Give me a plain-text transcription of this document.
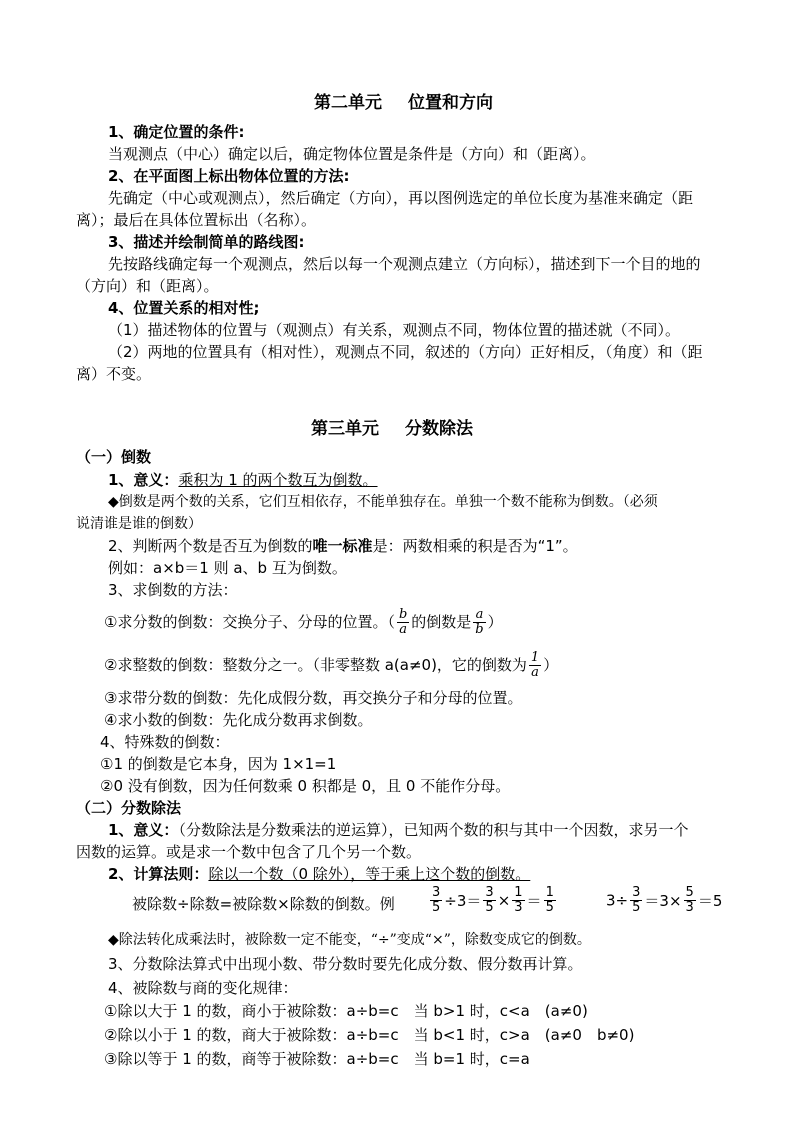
第二单元 位置和方向
1、确定位置的条件:
当观测点（中心）确定以后，确定物体位置是条件是（方向）和（距离）。
2、在平面图上标出物体位置的方法:
先确定（中心或观测点），然后确定（方向），再以图例选定的单位长度为基准来确定（距
离）；最后在具体位置标出（名称）。
3、描述并绘制简单的路线图:
先按路线确定每一个观测点，然后以每一个观测点建立（方向标），描述到下一个目的地的
（方向）和（距离）。
4、位置关系的相对性;
（1）描述物体的位置与（观测点）有关系，观测点不同，物体位置的描述就（不同）。
（2）两地的位置具有（相对性），观测点不同，叙述的（方向）正好相反，（角度）和（距
离）不变。
第三单元 分数除法
（一）倒数
1、意义：乘积为 1 的两个数互为倒数。
◆倒数是两个数的关系，它们互相依存，不能单独存在。单独一个数不能称为倒数。（必须
说清谁是谁的倒数）
2、判断两个数是否互为倒数的唯一标准是：两数相乘的积是否为“1”。
例如：a×b＝1 则 a、b 互为倒数。
3、求倒数的方法：
①求分数的倒数：交换分子、分母的位置。（ $\frac{b}{a}$ 的倒数是 $\frac{a}{b}$ ）
②求整数的倒数：整数分之一。（非零整数 a(a≠0)，它的倒数为 $\frac{1}{a}$ ）
③求带分数的倒数：先化成假分数，再交换分子和分母的位置。
④求小数的倒数：先化成分数再求倒数。
4、特殊数的倒数：
①1 的倒数是它本身，因为 1×1=1
②0 没有倒数，因为任何数乘 0 积都是 0，且 0 不能作分母。
（二）分数除法
1、意义：（分数除法是分数乘法的逆运算），已知两个数的积与其中一个因数，求另一个
因数的运算。或是求一个数中包含了几个另一个数。
2、计算法则：除以一个数（0 除外），等于乘上这个数的倒数。
被除数÷除数=被除数×除数的倒数。例	$\frac{3}{5} \div 3= \frac{3}{5} \times \frac{1}{3} = \frac{1}{5}$	$3\div \frac{3}{5} =3\times \frac{5}{3} =5$
◆除法转化成乘法时，被除数一定不能变，“÷”变成“×”，除数变成它的倒数。
3、分数除法算式中出现小数、带分数时要先化成分数、假分数再计算。
4、被除数与商的变化规律：
①除以大于 1 的数，商小于被除数：a÷b=c　当 b>1 时，c<a　(a≠0)
②除以小于 1 的数，商大于被除数：a÷b=c　当 b<1 时，c>a　(a≠0　b≠0)
③除以等于 1 的数，商等于被除数：a÷b=c　当 b=1 时，c=a
